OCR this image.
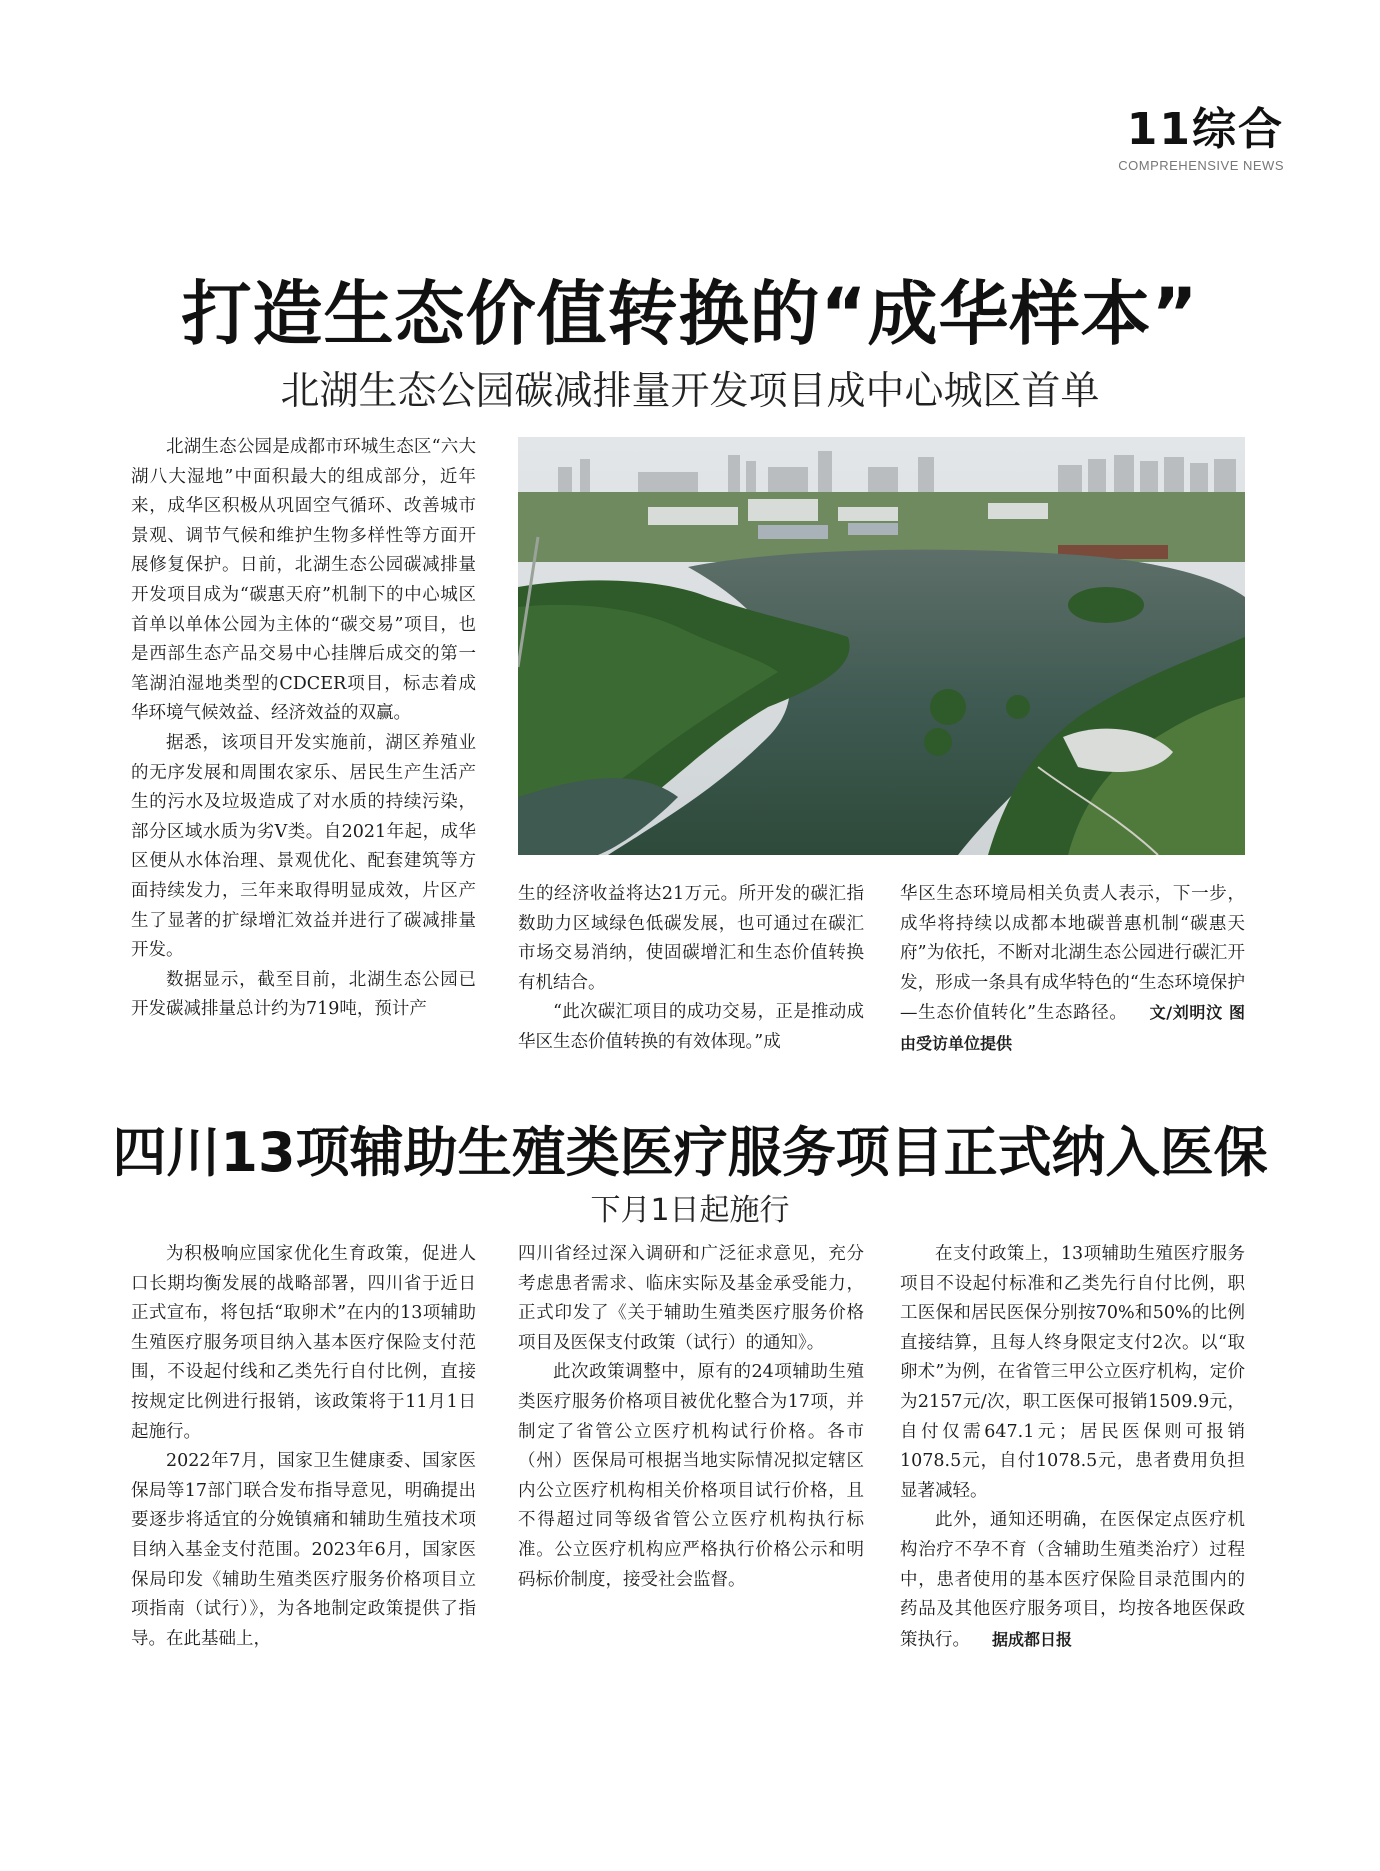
11综合
COMPREHENSIVE NEWS
打造生态价值转换的“成华样本”
北湖生态公园碳减排量开发项目成中心城区首单

北湖生态公园是成都市环城生态区“六大湖八大湿地”中面积最大的组成部分，近年来，成华区积极从巩固空气循环、改善城市景观、调节气候和维护生物多样性等方面开展修复保护。日前，北湖生态公园碳减排量开发项目成为“碳惠天府”机制下的中心城区首单以单体公园为主体的“碳交易”项目，也是西部生态产品交易中心挂牌后成交的第一笔湖泊湿地类型的CDCER项目，标志着成华环境气候效益、经济效益的双赢。

据悉，该项目开发实施前，湖区养殖业的无序发展和周围农家乐、居民生产生活产生的污水及垃圾造成了对水质的持续污染，部分区域水质为劣Ⅴ类。自2021年起，成华区便从水体治理、景观优化、配套建筑等方面持续发力，三年来取得明显成效，片区产生了显著的扩绿增汇效益并进行了碳减排量开发。

数据显示，截至目前，北湖生态公园已开发碳减排量总计约为719吨，预计产

生的经济收益将达21万元。所开发的碳汇指数助力区域绿色低碳发展，也可通过在碳汇市场交易消纳，使固碳增汇和生态价值转换有机结合。

“此次碳汇项目的成功交易，正是推动成华区生态价值转换的有效体现。”成

华区生态环境局相关负责人表示，下一步，成华将持续以成都本地碳普惠机制“碳惠天府”为依托，不断对北湖生态公园进行碳汇开发，形成一条具有成华特色的“生态环境保护—生态价值转化”生态路径。 文/刘明汶 图由受访单位提供

四川13项辅助生殖类医疗服务项目正式纳入医保
下月1日起施行

为积极响应国家优化生育政策，促进人口长期均衡发展的战略部署，四川省于近日正式宣布，将包括“取卵术”在内的13项辅助生殖医疗服务项目纳入基本医疗保险支付范围，不设起付线和乙类先行自付比例，直接按规定比例进行报销，该政策将于11月1日起施行。

2022年7月，国家卫生健康委、国家医保局等17部门联合发布指导意见，明确提出要逐步将适宜的分娩镇痛和辅助生殖技术项目纳入基金支付范围。2023年6月，国家医保局印发《辅助生殖类医疗服务价格项目立项指南（试行）》，为各地制定政策提供了指导。在此基础上，

四川省经过深入调研和广泛征求意见，充分考虑患者需求、临床实际及基金承受能力，正式印发了《关于辅助生殖类医疗服务价格项目及医保支付政策（试行）的通知》。

此次政策调整中，原有的24项辅助生殖类医疗服务价格项目被优化整合为17项，并制定了省管公立医疗机构试行价格。各市（州）医保局可根据当地实际情况拟定辖区内公立医疗机构相关价格项目试行价格，且不得超过同等级省管公立医疗机构执行标准。公立医疗机构应严格执行价格公示和明码标价制度，接受社会监督。

在支付政策上，13项辅助生殖医疗服务项目不设起付标准和乙类先行自付比例，职工医保和居民医保分别按70%和50%的比例直接结算，且每人终身限定支付2次。以“取卵术”为例，在省管三甲公立医疗机构，定价为2157元/次，职工医保可报销1509.9元，自付仅需647.1元；居民医保则可报销1078.5元，自付1078.5元，患者费用负担显著减轻。

此外，通知还明确，在医保定点医疗机构治疗不孕不育（含辅助生殖类治疗）过程中，患者使用的基本医疗保险目录范围内的药品及其他医疗服务项目，均按各地医保政策执行。 据成都日报
